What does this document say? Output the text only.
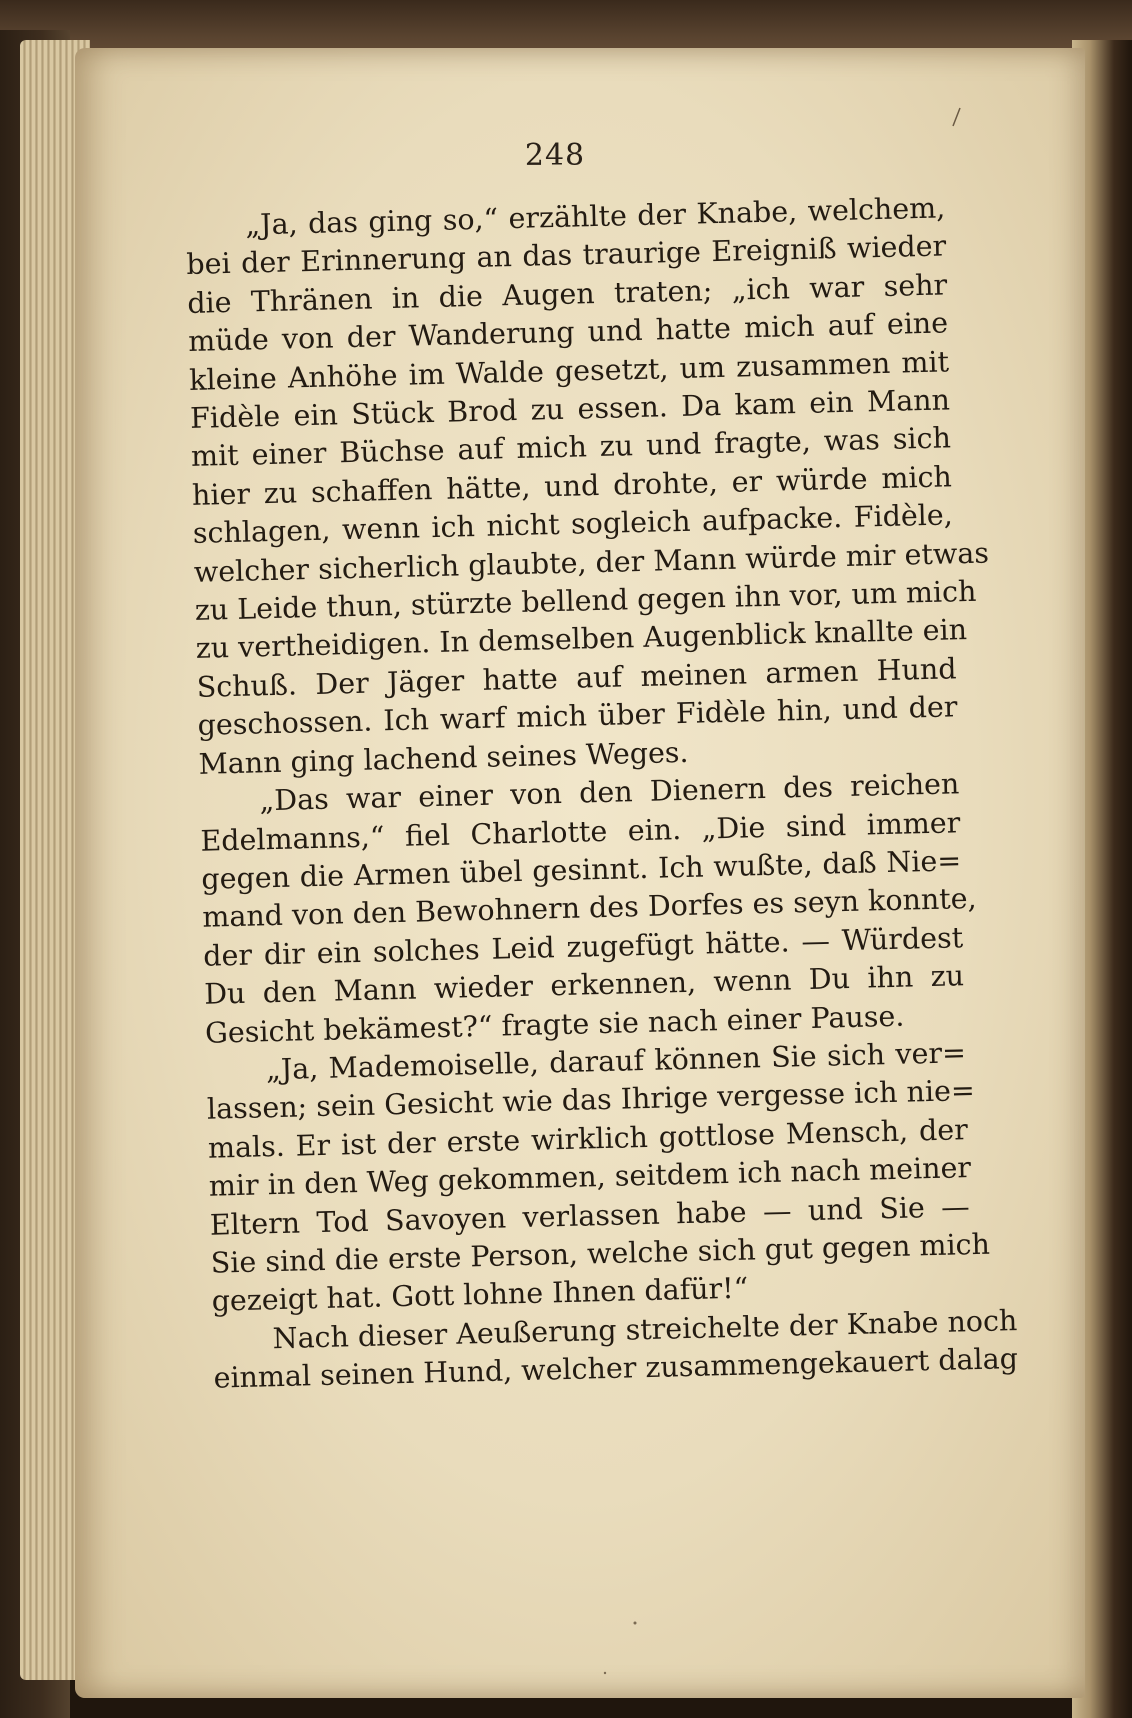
248
„Ja, das ging so,“ erzählte der Knabe, welchem,
bei der Erinnerung an das traurige Ereigniß wieder
die Thränen in die Augen traten; „ich war sehr
müde von der Wanderung und hatte mich auf eine
kleine Anhöhe im Walde gesetzt, um zusammen mit
Fidèle ein Stück Brod zu essen. Da kam ein Mann
mit einer Büchse auf mich zu und fragte, was sich
hier zu schaffen hätte, und drohte, er würde mich
schlagen, wenn ich nicht sogleich aufpacke. Fidèle,
welcher sicherlich glaubte, der Mann würde mir etwas
zu Leide thun, stürzte bellend gegen ihn vor, um mich
zu vertheidigen. In demselben Augenblick knallte ein
Schuß. Der Jäger hatte auf meinen armen Hund
geschossen. Ich warf mich über Fidèle hin, und der
Mann ging lachend seines Weges.
„Das war einer von den Dienern des reichen
Edelmanns,“ fiel Charlotte ein. „Die sind immer
gegen die Armen übel gesinnt. Ich wußte, daß Nie=
mand von den Bewohnern des Dorfes es seyn konnte,
der dir ein solches Leid zugefügt hätte. — Würdest
Du den Mann wieder erkennen, wenn Du ihn zu
Gesicht bekämest?“ fragte sie nach einer Pause.
„Ja, Mademoiselle, darauf können Sie sich ver=
lassen; sein Gesicht wie das Ihrige vergesse ich nie=
mals. Er ist der erste wirklich gottlose Mensch, der
mir in den Weg gekommen, seitdem ich nach meiner
Eltern Tod Savoyen verlassen habe — und Sie —
Sie sind die erste Person, welche sich gut gegen mich
gezeigt hat. Gott lohne Ihnen dafür!“
Nach dieser Aeußerung streichelte der Knabe noch
einmal seinen Hund, welcher zusammengekauert dalag
